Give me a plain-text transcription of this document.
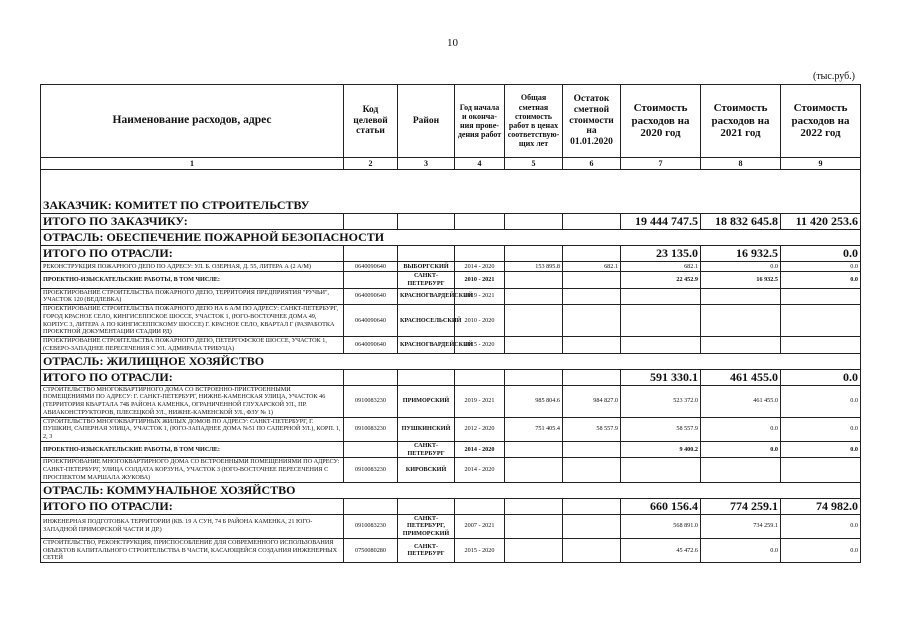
10
(тыс.руб.)
Наименование расходов, адрес	Код целевой статьи	Район	Год начала и оконча-ния прове-дения работ	Общая сметная стоимость работ в ценах соответствую-щих лет	Остаток сметной стоимости на 01.01.2020	Стоимость расходов на 2020 год	Стоимость расходов на 2021 год	Стоимость расходов на 2022 год
1	2	3	4	5	6	7	8	9

ЗАКАЗЧИК: КОМИТЕТ ПО СТРОИТЕЛЬСТВУ								
ИТОГО ПО ЗАКАЗЧИКУ:						19 444 747.5	18 832 645.8	11 420 253.6
ОТРАСЛЬ: ОБЕСПЕЧЕНИЕ ПОЖАРНОЙ БЕЗОПАСНОСТИ								
ИТОГО ПО ОТРАСЛИ:						23 135.0	16 932.5	0.0
РЕКОНСТРУКЦИЯ ПОЖАРНОГО ДЕПО ПО АДРЕСУ: УЛ. Б. ОЗЕРНАЯ, Д. 55, ЛИТЕРА А (2 А/М)	0640090640	ВЫБОРГСКИЙ	2014 - 2020	153 895.8	682.1	682.1	0.0	0.0
ПРОЕКТНО-ИЗЫСКАТЕЛЬСКИЕ РАБОТЫ, В ТОМ ЧИСЛЕ:		САНКТ-ПЕТЕРБУРГ	2010 - 2021			22 452.9	16 932.5	0.0
ПРОЕКТИРОВАНИЕ СТРОИТЕЛЬСТВА ПОЖАРНОГО ДЕПО, ТЕРРИТОРИЯ ПРЕДПРИЯТИЯ "РУЧЬИ", УЧАСТОК 120 (ВЕДЛЕВКА)	0640090640	КРАСНОГВАРДЕЙСКИЙ	2019 - 2021					
ПРОЕКТИРОВАНИЕ СТРОИТЕЛЬСТВА ПОЖАРНОГО ДЕПО НА 6 А/М ПО АДРЕСУ: САНКТ-ПЕТЕРБУРГ, ГОРОД КРАСНОЕ СЕЛО, КИНГИСЕППСКОЕ ШОССЕ, УЧАСТОК 1, (ЮГО-ВОСТОЧНЕЕ ДОМА 49, КОРПУС 3, ЛИТЕРА А ПО КИНГИСЕППСКОМУ ШОССЕ) Г. КРАСНОЕ СЕЛО, КВАРТАЛ Г (РАЗРАБОТКА ПРОЕКТНОЙ ДОКУМЕНТАЦИИ СТАДИИ РД)	0640090640	КРАСНОСЕЛЬСКИЙ	2010 - 2020					
ПРОЕКТИРОВАНИЕ СТРОИТЕЛЬСТВА ПОЖАРНОГО ДЕПО, ПЕТЕРГОФСКОЕ ШОССЕ, УЧАСТОК 1, (СЕВЕРО-ЗАПАДНЕЕ ПЕРЕСЕЧЕНИЯ С УЛ. АДМИРАЛА ТРИБУЦА)	0640090640	КРАСНОГВАРДЕЙСКИЙ	2015 - 2020					
ОТРАСЛЬ: ЖИЛИЩНОЕ ХОЗЯЙСТВО								
ИТОГО ПО ОТРАСЛИ:						591 330.1	461 455.0	0.0
СТРОИТЕЛЬСТВО МНОГОКВАРТИРНОГО ДОМА СО ВСТРОЕННО-ПРИСТРОЕННЫМИ ПОМЕЩЕНИЯМИ ПО АДРЕСУ: Г. САНКТ-ПЕТЕРБУРГ, НИЖНЕ-КАМЕНСКАЯ УЛИЦА, УЧАСТОК 46 (ТЕРРИТОРИЯ КВАРТАЛА 74Б РАЙОНА КАМЕНКА, ОГРАНИЧЕННОЙ ГЛУХАРСКОЙ УЛ., ПР. АВИАКОНСТРУКТОРОВ, ПЛЕСЕЦКОЙ УЛ., НИЖНЕ-КАМЕНСКОЙ УЛ., ФЗУ № 1)	0910083230	ПРИМОРСКИЙ	2019 - 2021	985 804.6	984 827.0	523 372.0	461 455.0	0.0
СТРОИТЕЛЬСТВО МНОГОКВАРТИРНЫХ ЖИЛЫХ ДОМОВ ПО АДРЕСУ: САНКТ-ПЕТЕРБУРГ, Г. ПУШКИН, САПЕРНАЯ УЛИЦА, УЧАСТОК 1, (ЮГО-ЗАПАДНЕЕ ДОМА №51 ПО САПЕРНОЙ УЛ.), КОРП. 1, 2, 3	0910083230	ПУШКИНСКИЙ	2012 - 2020	751 405.4	58 557.9	58 557.9	0.0	0.0
ПРОЕКТНО-ИЗЫСКАТЕЛЬСКИЕ РАБОТЫ, В ТОМ ЧИСЛЕ:		САНКТ-ПЕТЕРБУРГ	2014 - 2020			9 400.2	0.0	0.0
ПРОЕКТИРОВАНИЕ МНОГОКВАРТИРНОГО ДОМА СО ВСТРОЕННЫМИ ПОМЕЩЕНИЯМИ ПО АДРЕСУ: САНКТ-ПЕТЕРБУРГ, УЛИЦА СОЛДАТА КОРЗУНА, УЧАСТОК 3 (ЮГО-ВОСТОЧНЕЕ ПЕРЕСЕЧЕНИЯ С ПРОСПЕКТОМ МАРШАЛА ЖУКОВА)	0910083230	КИРОВСКИЙ	2014 - 2020					
ОТРАСЛЬ: КОММУНАЛЬНОЕ ХОЗЯЙСТВО								
ИТОГО ПО ОТРАСЛИ:						660 156.4	774 259.1	74 982.0
ИНЖЕНЕРНАЯ ПОДГОТОВКА ТЕРРИТОРИИ (КВ. 19 А СУН, 74 Б РАЙОНА КАМЕНКА, 21 ЮГО-ЗАПАДНОЙ ПРИМОРСКОЙ ЧАСТИ И ДР.)	0910083230	САНКТ-ПЕТЕРБУРГ, ПРИМОРСКИЙ	2007 - 2021			568 891.0	734 259.1	0.0
СТРОИТЕЛЬСТВО, РЕКОНСТРУКЦИЯ, ПРИСПОСОБЛЕНИЕ ДЛЯ СОВРЕМЕННОГО ИСПОЛЬЗОВАНИЯ ОБЪЕКТОВ КАПИТАЛЬНОГО СТРОИТЕЛЬСТВА В ЧАСТИ, КАСАЮЩЕЙСЯ СОЗДАНИЯ ИНЖЕНЕРНЫХ СЕТЕЙ	0750080280	САНКТ-ПЕТЕРБУРГ	2015 - 2020			45 472.6	0.0	0.0
